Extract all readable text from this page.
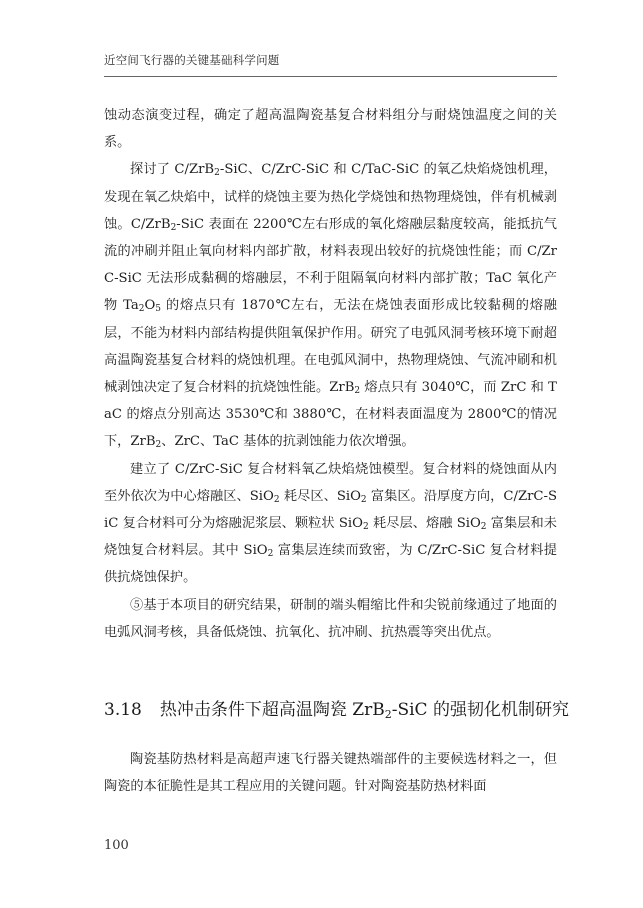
近空间飞行器的关键基础科学问题

蚀动态演变过程，确定了超高温陶瓷基复合材料组分与耐烧蚀温度之间的关系。

探讨了 C/ZrB$_2$-SiC、C/ZrC-SiC 和 C/TaC-SiC 的氧乙炔焰烧蚀机理，发现在氧乙炔焰中，试样的烧蚀主要为热化学烧蚀和热物理烧蚀，伴有机械剥蚀。C/ZrB$_2$-SiC 表面在 2200℃左右形成的氧化熔融层黏度较高，能抵抗气流的冲刷并阻止氧向材料内部扩散，材料表现出较好的抗烧蚀性能；而 C/ZrC-SiC 无法形成黏稠的熔融层，不利于阻隔氧向材料内部扩散；TaC 氧化产物 $Ta_2O_5$ 的熔点只有 1870℃左右，无法在烧蚀表面形成比较黏稠的熔融层，不能为材料内部结构提供阻氧保护作用。研究了电弧风洞考核环境下耐超高温陶瓷基复合材料的烧蚀机理。在电弧风洞中，热物理烧蚀、气流冲刷和机械剥蚀决定了复合材料的抗烧蚀性能。ZrB$_2$ 熔点只有 3040℃，而 ZrC 和 TaC 的熔点分别高达 3530℃和 3880℃，在材料表面温度为 2800℃的情况下，ZrB$_2$、ZrC、TaC 基体的抗剥蚀能力依次增强。

建立了 C/ZrC-SiC 复合材料氧乙炔焰烧蚀模型。复合材料的烧蚀面从内至外依次为中心熔融区、SiO$_2$ 耗尽区、SiO$_2$ 富集区。沿厚度方向，C/ZrC-SiC 复合材料可分为熔融泥浆层、颗粒状 SiO$_2$ 耗尽层、熔融 SiO$_2$ 富集层和未烧蚀复合材料层。其中 SiO$_2$ 富集层连续而致密，为 C/ZrC-SiC 复合材料提供抗烧蚀保护。

⑤基于本项目的研究结果，研制的端头帽缩比件和尖锐前缘通过了地面的电弧风洞考核，具备低烧蚀、抗氧化、抗冲刷、抗热震等突出优点。

3.18 热冲击条件下超高温陶瓷 ZrB$_2$-SiC 的强韧化机制研究

陶瓷基防热材料是高超声速飞行器关键热端部件的主要候选材料之一，但陶瓷的本征脆性是其工程应用的关键问题。针对陶瓷基防热材料面

100
